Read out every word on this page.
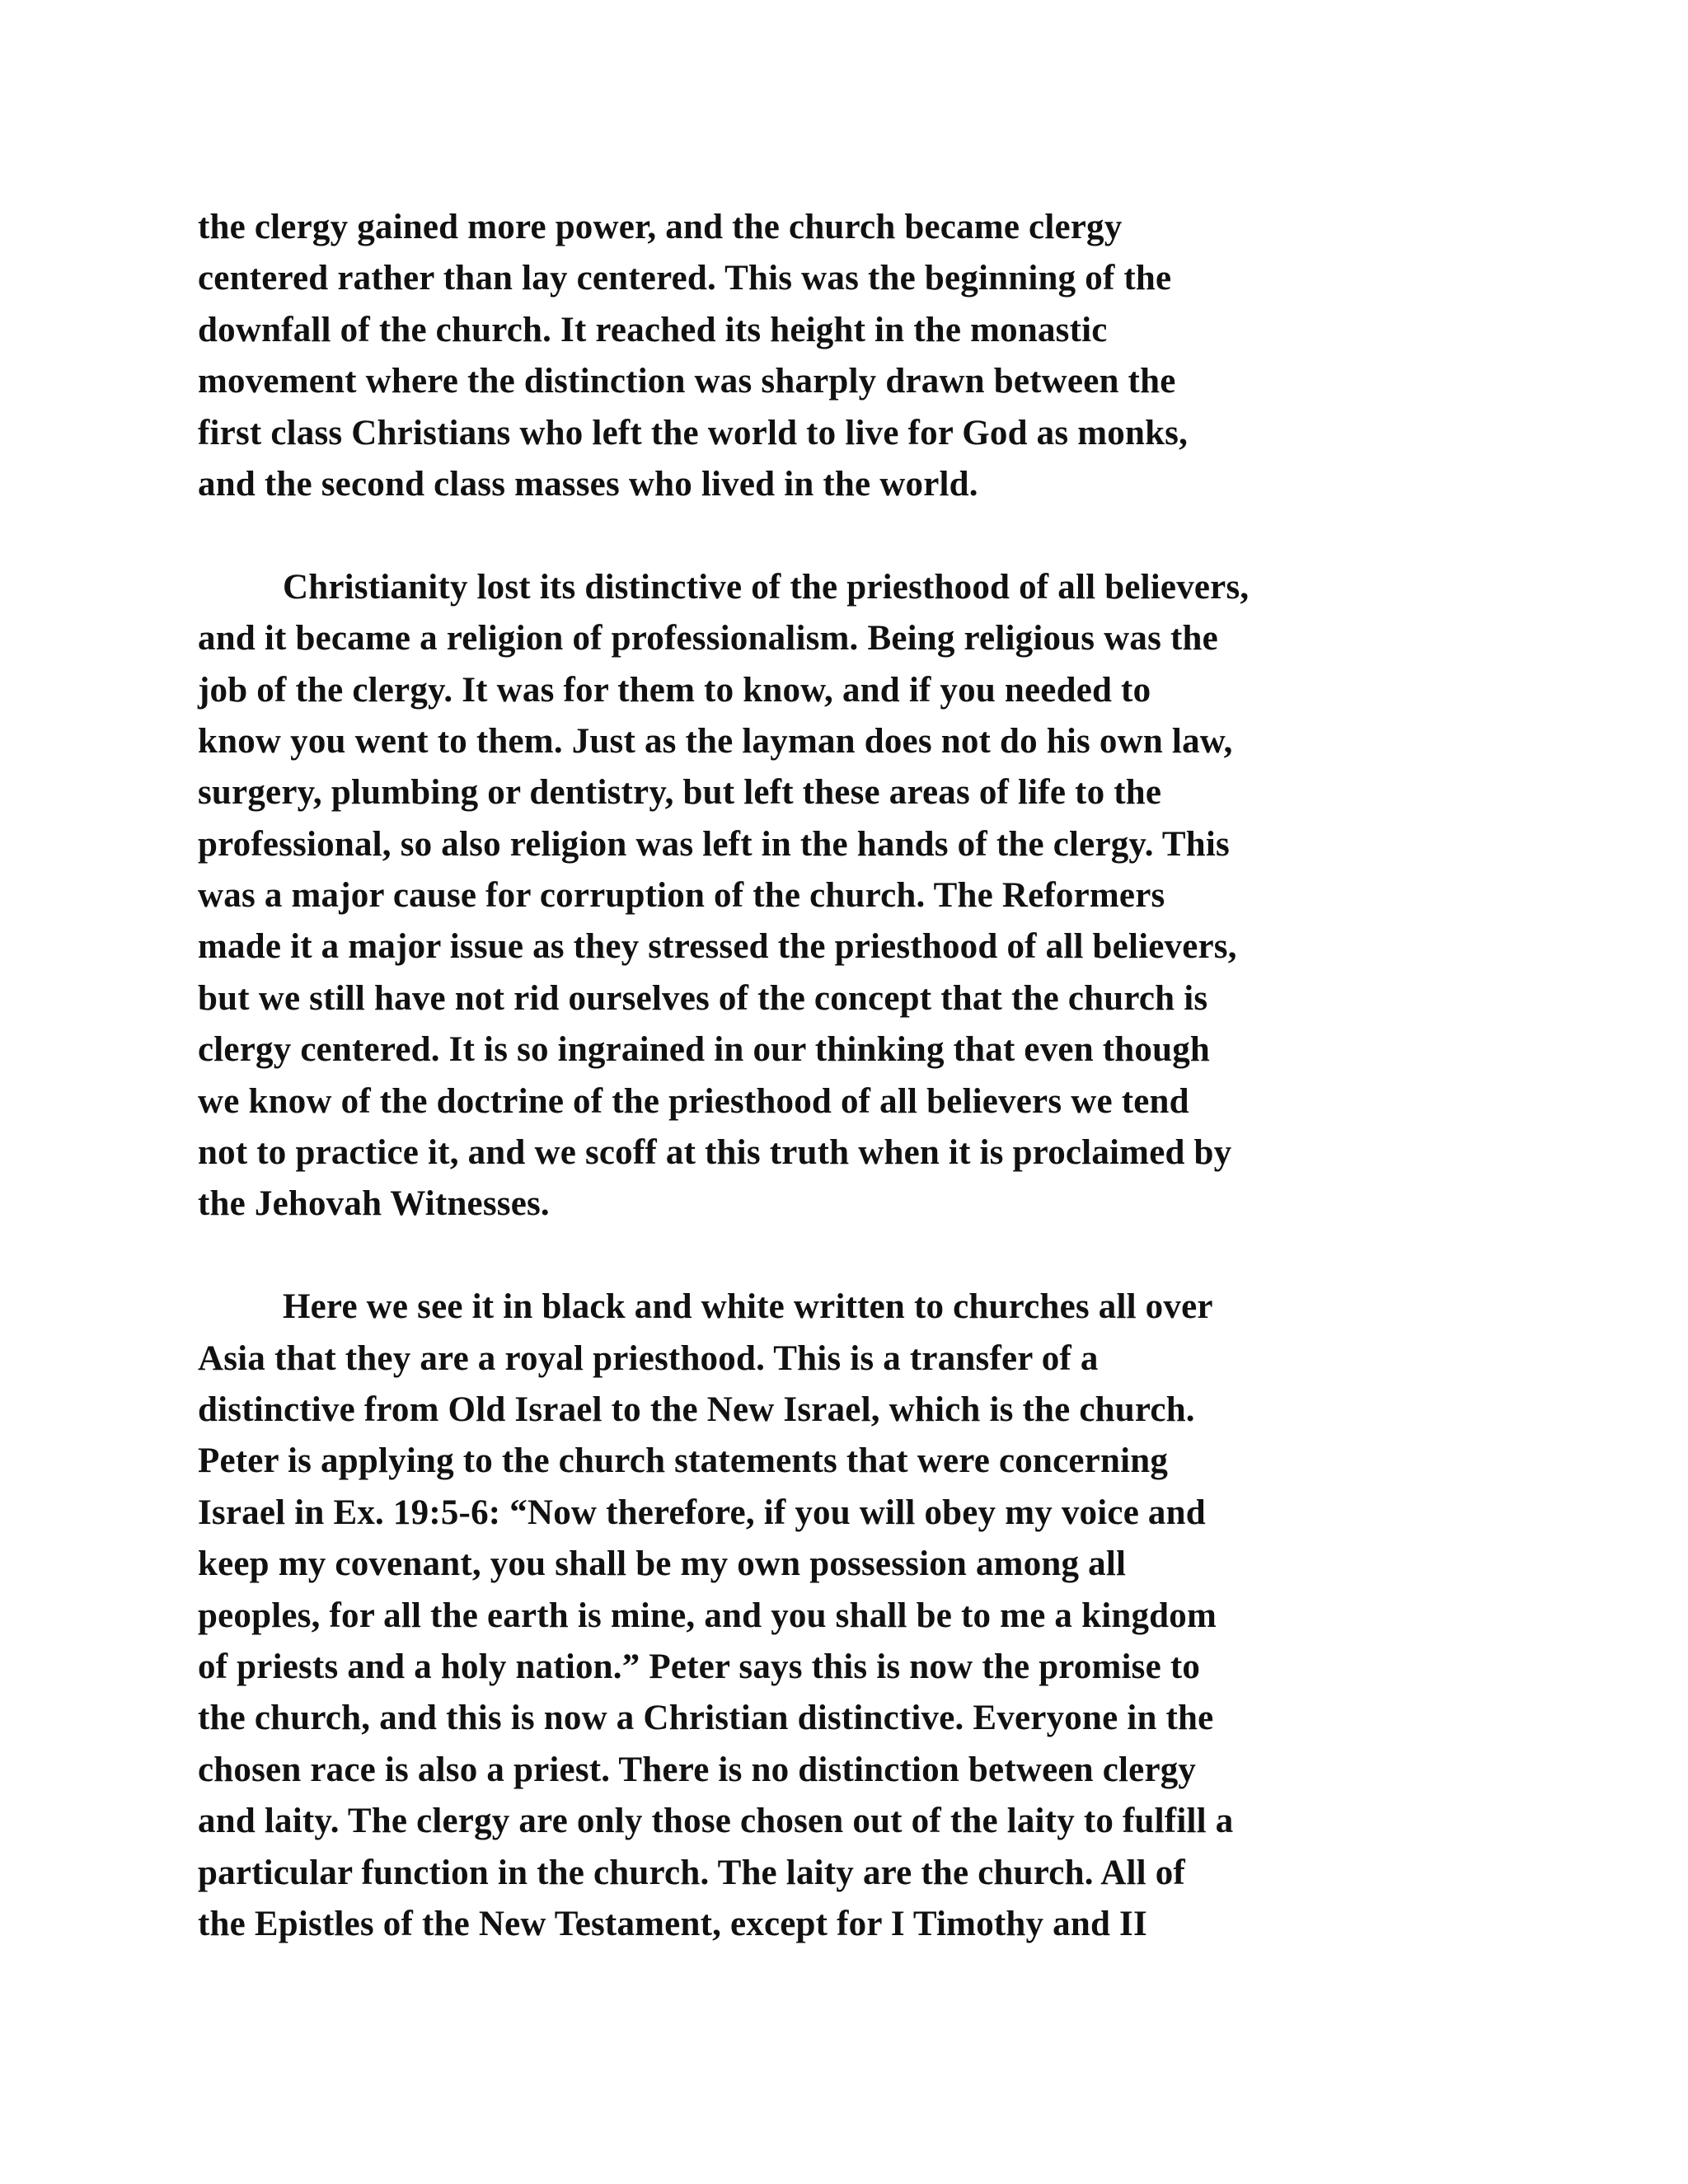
the clergy gained more power, and the church became clergy
centered rather than lay centered. This was the beginning of the
downfall of the church. It reached its height in the monastic
movement where the distinction was sharply drawn between the
first class Christians who left the world to live for God as monks,
and the second class masses who lived in the world.
Christianity lost its distinctive of the priesthood of all believers,
and it became a religion of professionalism. Being religious was the
job of the clergy. It was for them to know, and if you needed to
know you went to them. Just as the layman does not do his own law,
surgery, plumbing or dentistry, but left these areas of life to the
professional, so also religion was left in the hands of the clergy. This
was a major cause for corruption of the church. The Reformers
made it a major issue as they stressed the priesthood of all believers,
but we still have not rid ourselves of the concept that the church is
clergy centered. It is so ingrained in our thinking that even though
we know of the doctrine of the priesthood of all believers we tend
not to practice it, and we scoff at this truth when it is proclaimed by
the Jehovah Witnesses.
Here we see it in black and white written to churches all over
Asia that they are a royal priesthood. This is a transfer of a
distinctive from Old Israel to the New Israel, which is the church.
Peter is applying to the church statements that were concerning
Israel in Ex. 19:5-6: “Now therefore, if you will obey my voice and
keep my covenant, you shall be my own possession among all
peoples, for all the earth is mine, and you shall be to me a kingdom
of priests and a holy nation.” Peter says this is now the promise to
the church, and this is now a Christian distinctive. Everyone in the
chosen race is also a priest. There is no distinction between clergy
and laity. The clergy are only those chosen out of the laity to fulfill a
particular function in the church. The laity are the church. All of
the Epistles of the New Testament, except for I Timothy and II
